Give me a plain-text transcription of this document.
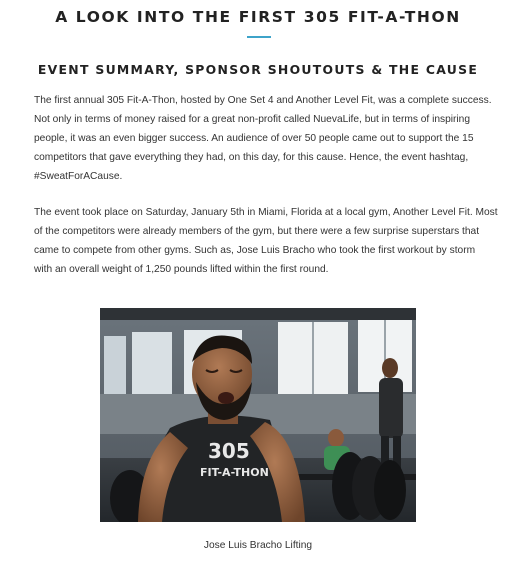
A LOOK INTO THE FIRST 305 FIT-A-THON
EVENT SUMMARY, SPONSOR SHOUTOUTS & THE CAUSE
The first annual 305 Fit-A-Thon, hosted by One Set 4 and Another Level Fit, was a complete success.
Not only in terms of money raised for a great non-profit called NuevaLife, but in terms of inspiring
people, it was an even bigger success. An audience of over 50 people came out to support the 15
competitors that gave everything they had, on this day, for this cause. Hence, the event hashtag,
#SweatForACause.
The event took place on Saturday, January 5th in Miami, Florida at a local gym, Another Level Fit. Most
of the competitors were already members of the gym, but there were a few surprise superstars that
came to compete from other gyms. Such as, Jose Luis Bracho who took the first workout by storm
with an overall weight of 1,250 pounds lifted within the first round.
305
FIT-A-THON
Jose Luis Bracho Lifting
